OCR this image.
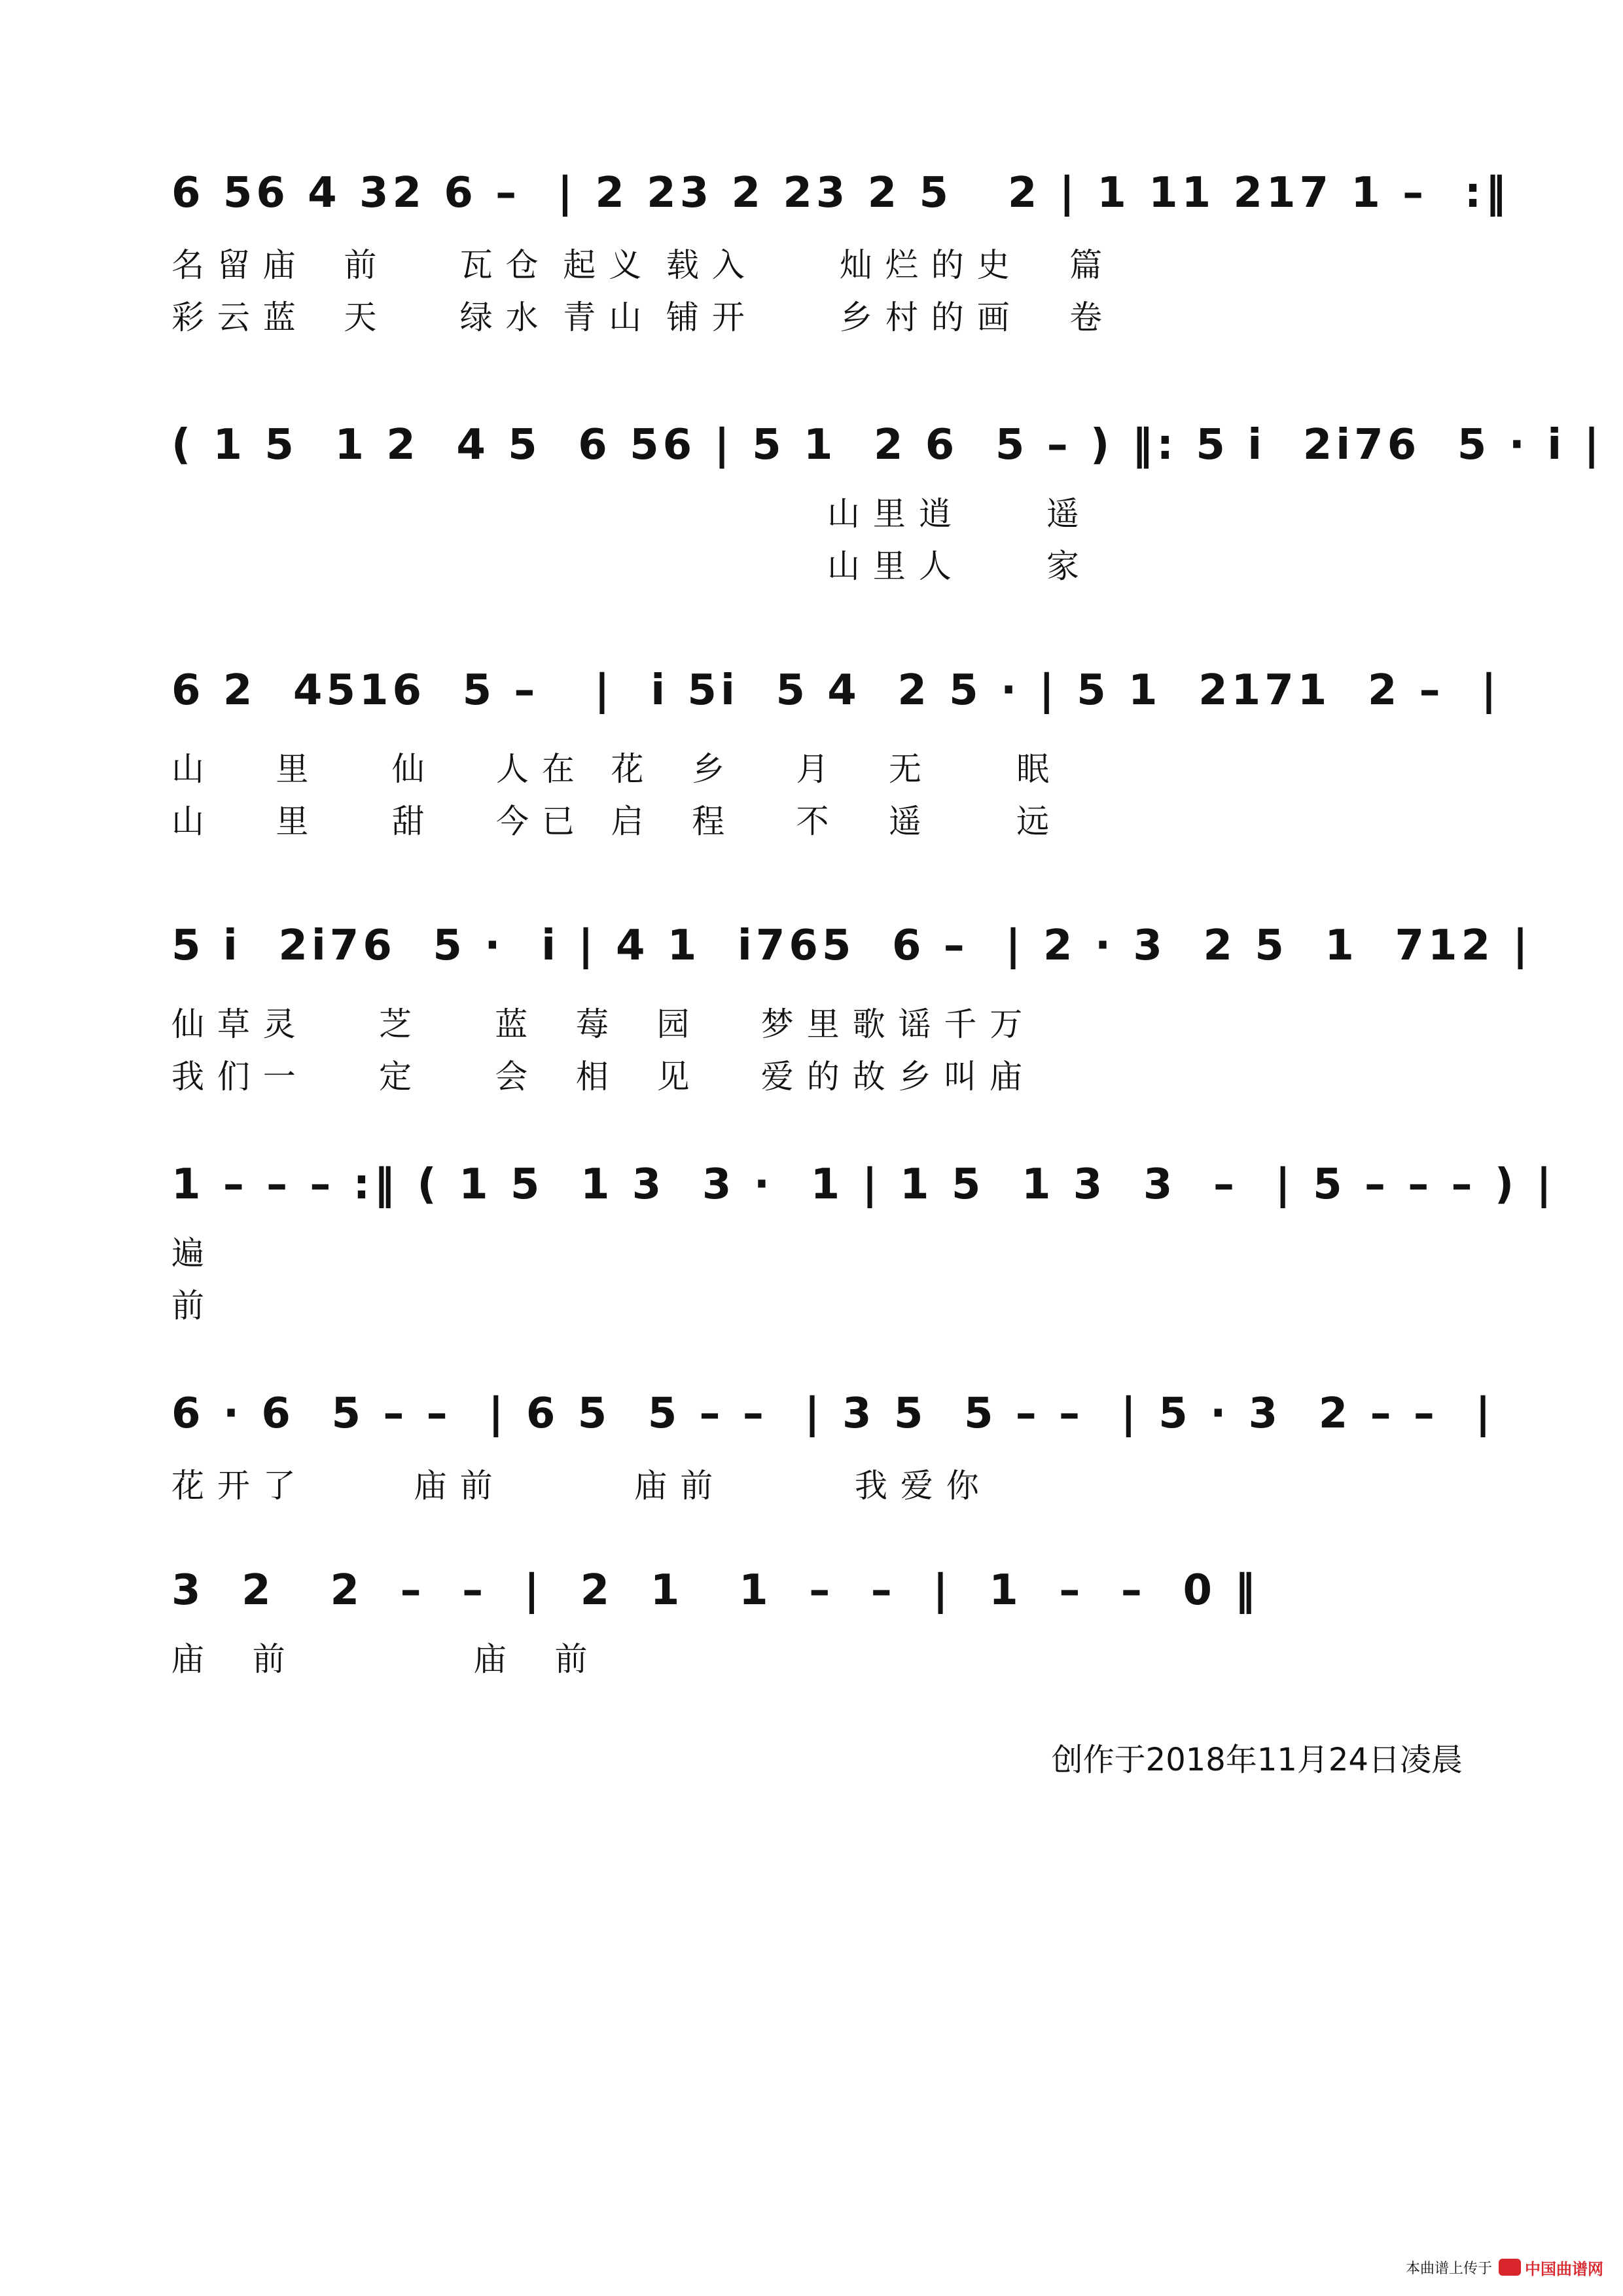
6 56 4 32 6 –  | 2 23 2 23 2 5   2 | 1 11 217 1 –  :‖
名 留 庙    前       瓦 仓  起 义  载 入        灿 烂 的 史     篇
彩 云 蓝    天       绿 水  青 山  铺 开        乡 村 的 画     卷
( 1 5  1 2  4 5  6 56 | 5 1  2 6  5 – ) ‖: 5 i  2i76  5 · i |
山 里 逍        遥
山 里 人        家
6 2  4516  5 –   |  i 5i  5 4  2 5 · | 5 1  2171  2 –  |
山      里       仙      人 在   花    乡      月     无        眠
山      里       甜      今 已   启    程      不     遥        远
5 i  2i76  5 ·  i | 4 1  i765  6 –  | 2 · 3  2 5  1  712 |
仙 草 灵       芝       蓝    莓    园      梦 里 歌 谣 千 万
我 们 一       定       会    相    见      爱 的 故 乡 叫 庙
1 – – – :‖ ( 1 5  1 3  3 ·  1 | 1 5  1 3  3  –  | 5 – – – ) |
遍
前
6 · 6  5 – –  | 6 5  5 – –  | 3 5  5 – –  | 5 · 3  2 – –  |
花 开 了          庙 前            庙 前            我 爱 你
3  2   2  –  –  |  2  1   1  –  –  |  1  –  –  0 ‖
庙    前                庙    前
创作于2018年11月24日凌晨
本曲谱上传于 中国曲谱网
